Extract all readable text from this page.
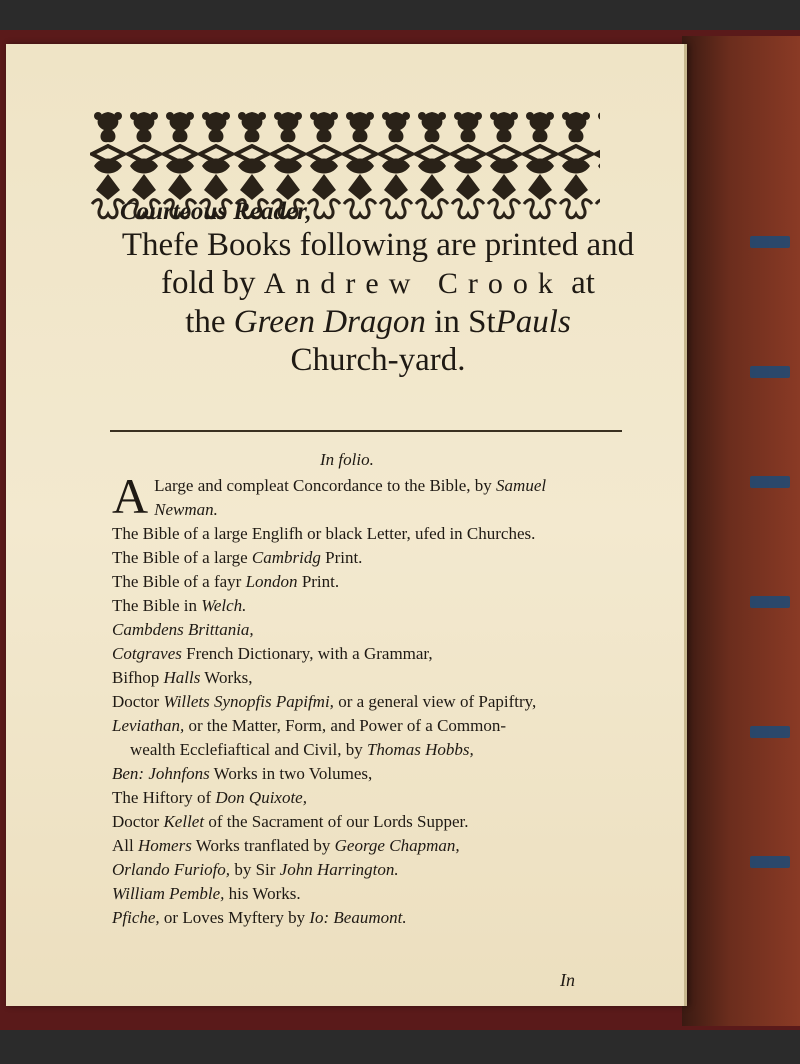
Courteous Reader,
Thefe Books following are printed and
fold by Andrew Crook at
the Green Dragon in StPauls
Church-yard.
In folio.
A Large and compleat Concordance to the Bible, by Samuel
Newman.
The Bible of a large Englifh or black Letter, ufed in Churches.
The Bible of a large Cambridg Print.
The Bible of a fayr London Print.
The Bible in Welch.
Cambdens Brittania,
Cotgraves French Dictionary, with a Grammar,
Bifhop Halls Works,
Doctor Willets Synopfis Papifmi, or a general view of Papiftry,
Leviathan, or the Matter, Form, and Power of a Common-
wealth Ecclefiaftical and Civil, by Thomas Hobbs,
Ben: Johnfons Works in two Volumes,
The Hiftory of Don Quixote,
Doctor Kellet of the Sacrament of our Lords Supper.
All Homers Works tranflated by George Chapman,
Orlando Furiofo, by Sir John Harrington.
William Pemble, his Works.
Pfiche, or Loves Myftery by Io: Beaumont.
In
